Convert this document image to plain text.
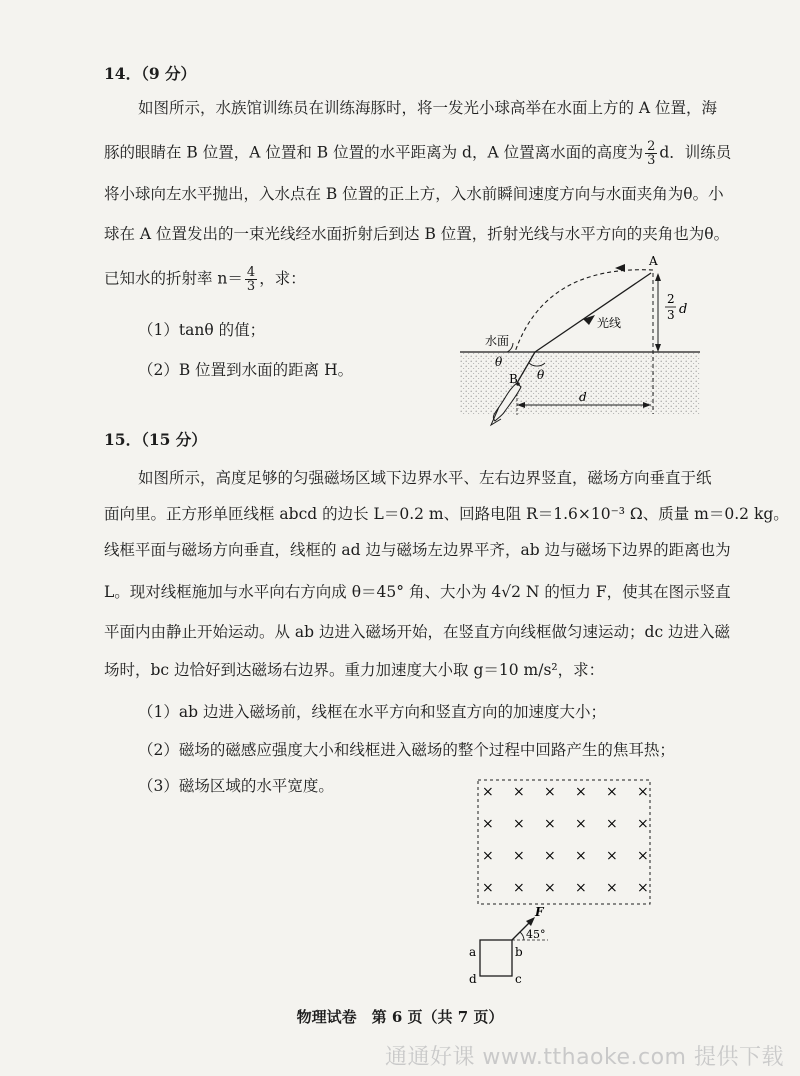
14．（9 分）
如图所示，水族馆训练员在训练海豚时，将一发光小球高举在水面上方的 A 位置，海
豚的眼睛在 B 位置，A 位置和 B 位置的水平距离为 d，A 位置离水面的高度为 $\frac{2}{3}$ d．训练员
将小球向左水平抛出，入水点在 B 位置的正上方，入水前瞬间速度方向与水面夹角为θ。小
球在 A 位置发出的一束光线经水面折射后到达 B 位置，折射光线与水平方向的夹角也为θ。
已知水的折射率 $n= \frac{4}{3}$ ，求：
（1）tanθ 的值；
（2）B 位置到水面的距离 H。
A
B
光线
水面
θ
θ
d
2
3 d
15．（15 分）
如图所示，高度足够的匀强磁场区域下边界水平、左右边界竖直，磁场方向垂直于纸
面向里。正方形单匝线框 abcd 的边长 L＝0.2 m、回路电阻 R＝1.6×10⁻³ Ω、质量 m＝0.2 kg。
线框平面与磁场方向垂直，线框的 ad 边与磁场左边界平齐，ab 边与磁场下边界的距离也为
L。现对线框施加与水平向右方向成 θ＝45° 角、大小为 4√2 N 的恒力 F，使其在图示竖直
平面内由静止开始运动。从 ab 边进入磁场开始，在竖直方向线框做匀速运动；dc 边进入磁
场时，bc 边恰好到达磁场右边界。重力加速度大小取 g＝10 m/s²，求：
（1）ab 边进入磁场前，线框在水平方向和竖直方向的加速度大小；
（2）磁场的磁感应强度大小和线框进入磁场的整个过程中回路产生的焦耳热；
（3）磁场区域的水平宽度。	× × × × × ×
× × × × × ×
× × × × × ×
× × × × × ×
F
45°
a	b
c
d
物理试卷　第 6 页（共 7 页）
通通好课 www.tthaoke.com 提供下载
